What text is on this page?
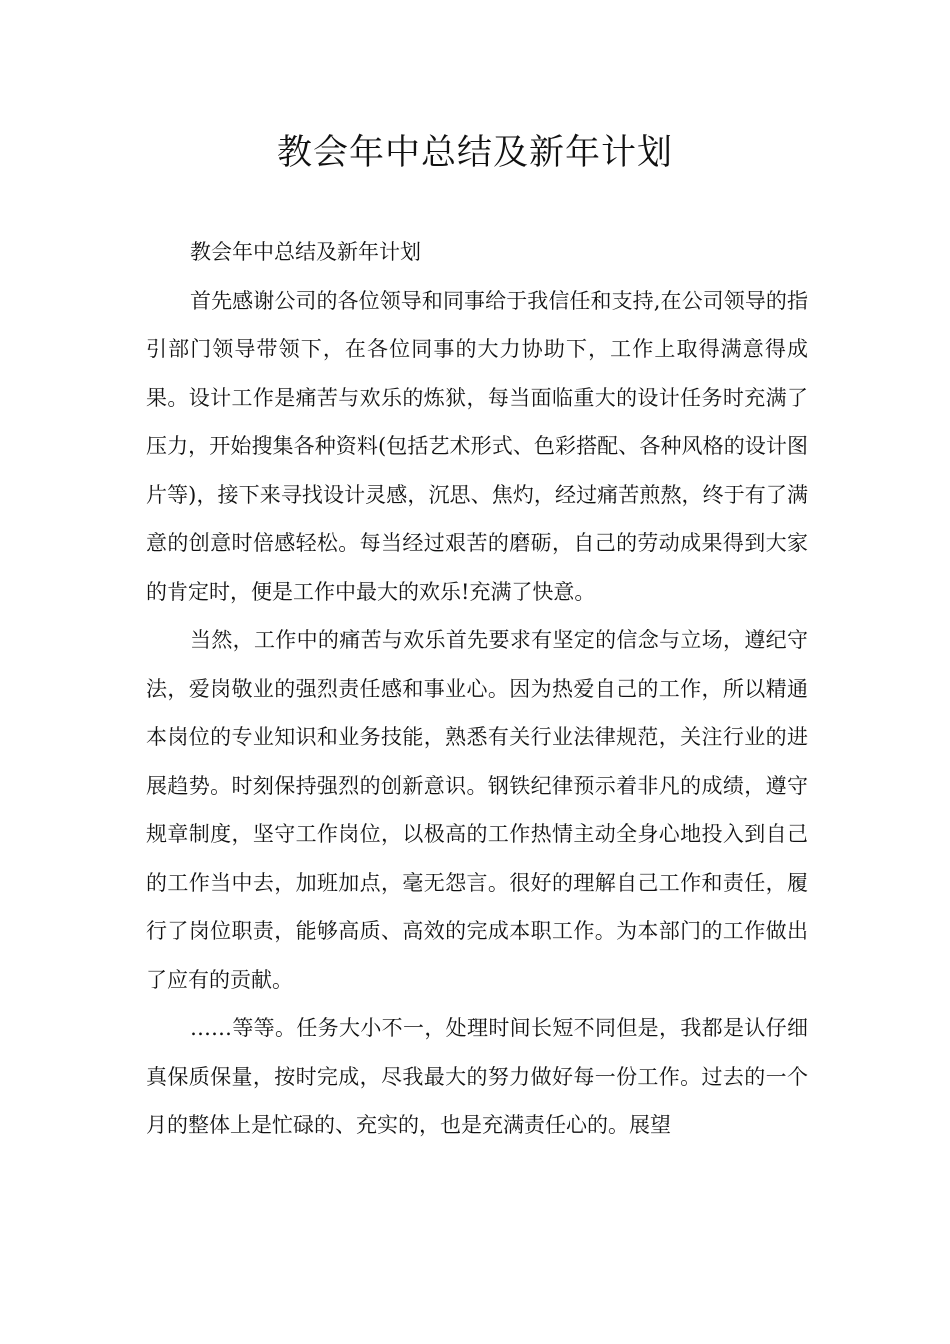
教会年中总结及新年计划

教会年中总结及新年计划

首先感谢公司的各位领导和同事给于我信任和支持,在公司领导的指引部门领导带领下，在各位同事的大力协助下，工作上取得满意得成果。设计工作是痛苦与欢乐的炼狱，每当面临重大的设计任务时充满了压力，开始搜集各种资料(包括艺术形式、色彩搭配、各种风格的设计图片等)，接下来寻找设计灵感，沉思、焦灼，经过痛苦煎熬，终于有了满意的创意时倍感轻松。每当经过艰苦的磨砺，自己的劳动成果得到大家的肯定时，便是工作中最大的欢乐!充满了快意。

当然，工作中的痛苦与欢乐首先要求有坚定的信念与立场，遵纪守法，爱岗敬业的强烈责任感和事业心。因为热爱自己的工作，所以精通本岗位的专业知识和业务技能，熟悉有关行业法律规范，关注行业的进展趋势。时刻保持强烈的创新意识。钢铁纪律预示着非凡的成绩，遵守规章制度，坚守工作岗位，以极高的工作热情主动全身心地投入到自己的工作当中去，加班加点，毫无怨言。很好的理解自己工作和责任，履行了岗位职责，能够高质、高效的完成本职工作。为本部门的工作做出了应有的贡献。

……等等。任务大小不一，处理时间长短不同但是，我都是认仔细真保质保量，按时完成，尽我最大的努力做好每一份工作。过去的一个月的整体上是忙碌的、充实的，也是充满责任心的。展望
